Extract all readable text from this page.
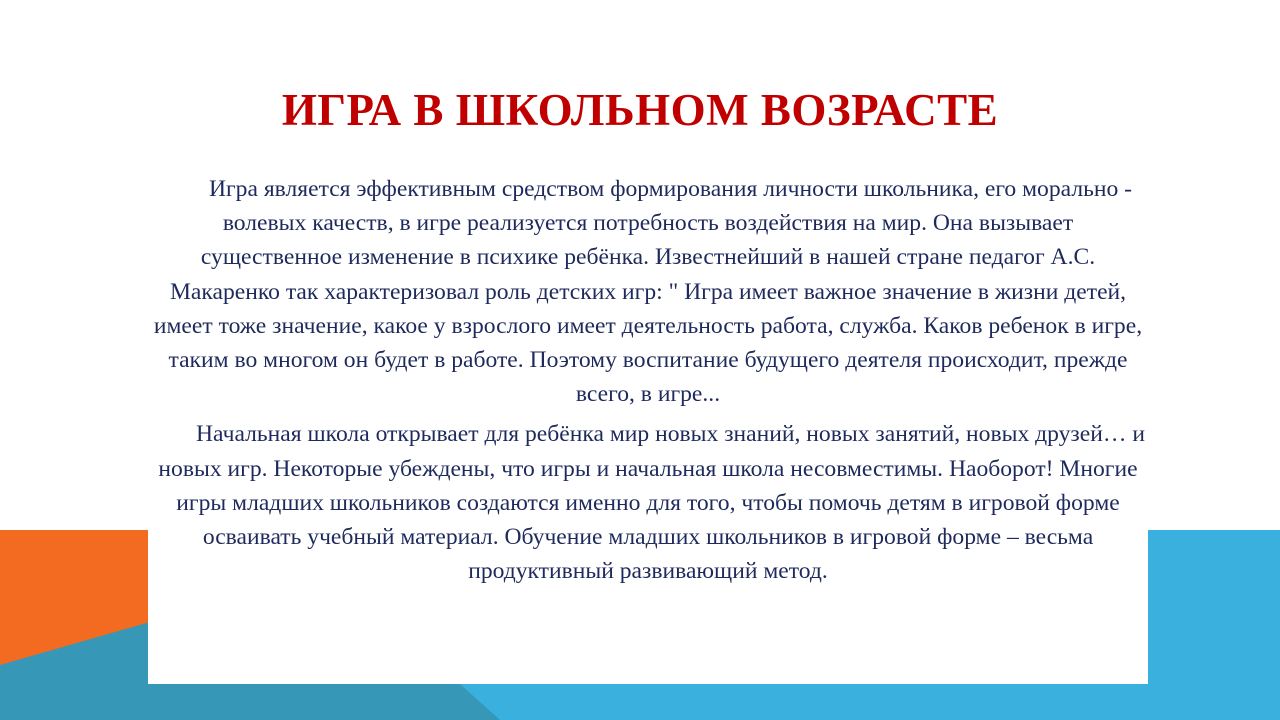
ИГРА В ШКОЛЬНОМ ВОЗРАСТЕ

Игра является эффективным средством формирования личности школьника, его морально - волевых качеств, в игре реализуется потребность воздействия на мир. Она вызывает существенное изменение в психике ребёнка. Известнейший в нашей стране педагог А.С. Макаренко так характеризовал роль детских игр: " Игра имеет важное значение в жизни детей, имеет тоже значение, какое у взрослого имеет деятельность работа, служба. Каков ребенок в игре, таким во многом он будет в работе. Поэтому воспитание будущего деятеля происходит, прежде всего, в игре...

Начальная школа открывает для ребёнка мир новых знаний, новых занятий, новых друзей… и новых игр. Некоторые убеждены, что игры и начальная школа несовместимы. Наоборот! Многие игры младших школьников создаются именно для того, чтобы помочь детям в игровой форме осваивать учебный материал. Обучение младших школьников в игровой форме – весьма продуктивный развивающий метод.
